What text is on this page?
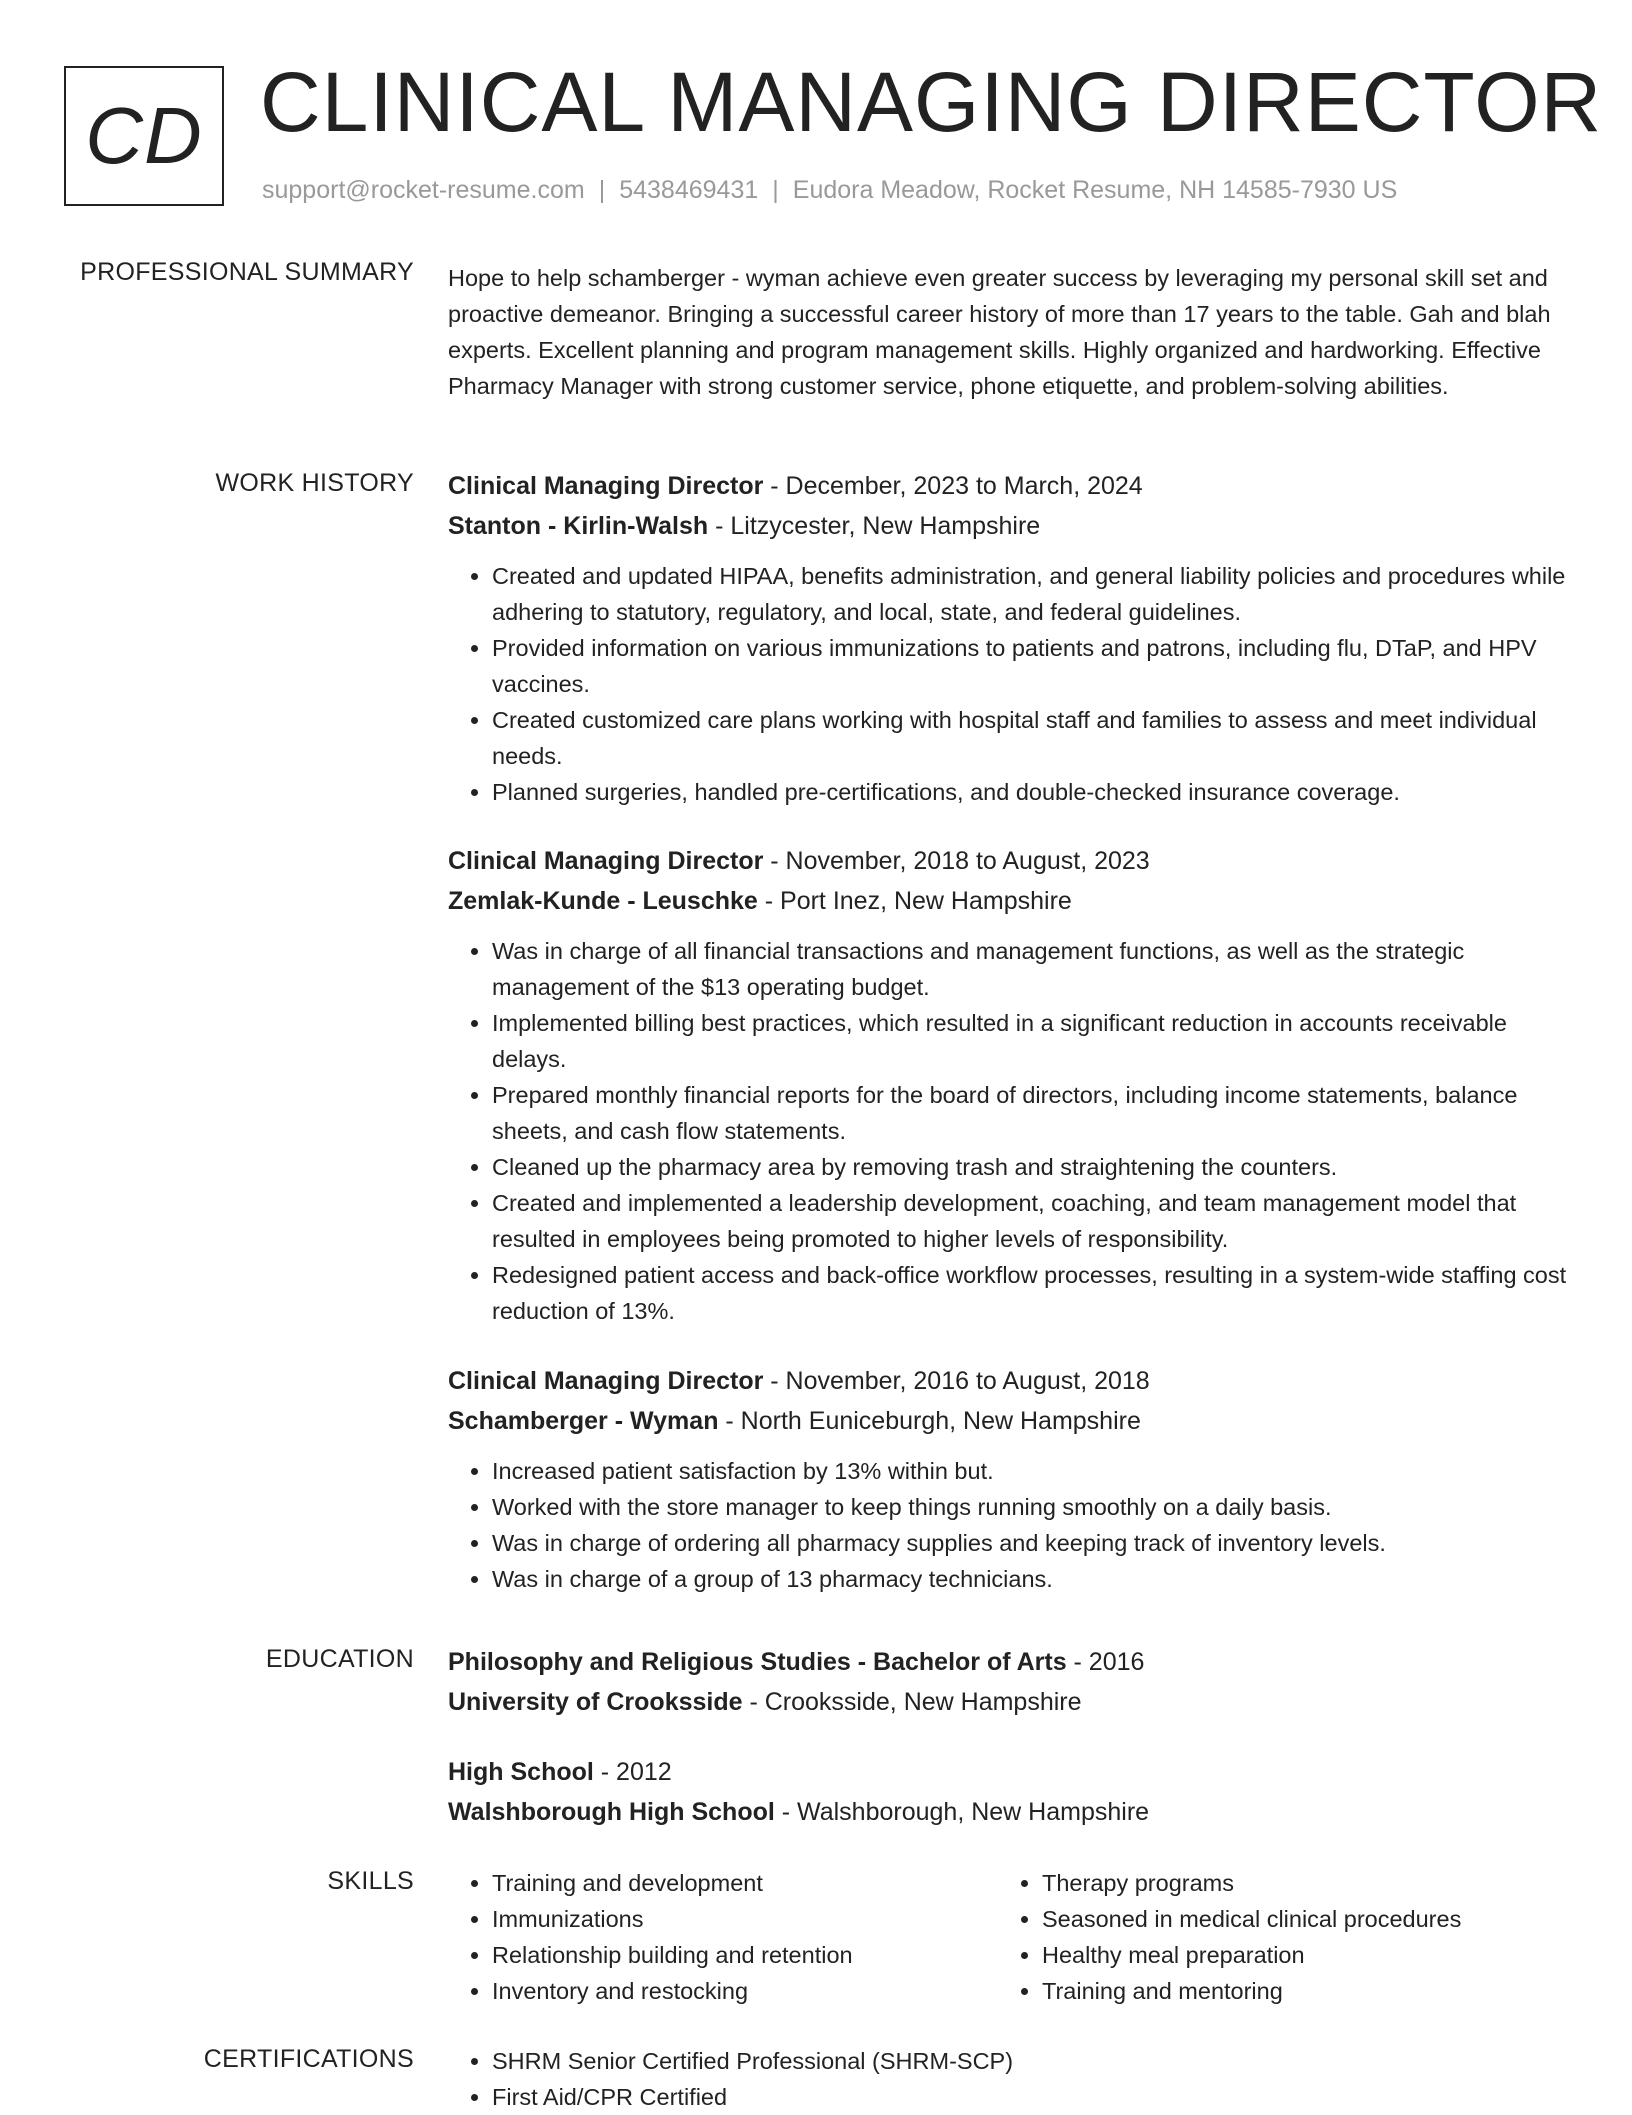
CD CLINICAL MANAGING DIRECTOR
support@rocket-resume.com | 5438469431 | Eudora Meadow, Rocket Resume, NH 14585-7930 US
PROFESSIONAL SUMMARY Hope to help schamberger - wyman achieve even greater success by leveraging my personal skill set and proactive demeanor. Bringing a successful career history of more than 17 years to the table. Gah and blah experts. Excellent planning and program management skills. Highly organized and hardworking. Effective Pharmacy Manager with strong customer service, phone etiquette, and problem-solving abilities.
WORK HISTORY Clinical Managing Director - December, 2023 to March, 2024
Stanton - Kirlin-Walsh - Litzycester, New Hampshire
• Created and updated HIPAA, benefits administration, and general liability policies and procedures while adhering to statutory, regulatory, and local, state, and federal guidelines.
• Provided information on various immunizations to patients and patrons, including flu, DTaP, and HPV vaccines.
• Created customized care plans working with hospital staff and families to assess and meet individual needs.
• Planned surgeries, handled pre-certifications, and double-checked insurance coverage.
Clinical Managing Director - November, 2018 to August, 2023
Zemlak-Kunde - Leuschke - Port Inez, New Hampshire
• Was in charge of all financial transactions and management functions, as well as the strategic management of the $13 operating budget.
• Implemented billing best practices, which resulted in a significant reduction in accounts receivable delays.
• Prepared monthly financial reports for the board of directors, including income statements, balance sheets, and cash flow statements.
• Cleaned up the pharmacy area by removing trash and straightening the counters.
• Created and implemented a leadership development, coaching, and team management model that resulted in employees being promoted to higher levels of responsibility.
• Redesigned patient access and back-office workflow processes, resulting in a system-wide staffing cost reduction of 13%.
Clinical Managing Director - November, 2016 to August, 2018
Schamberger - Wyman - North Euniceburgh, New Hampshire
• Increased patient satisfaction by 13% within but.
• Worked with the store manager to keep things running smoothly on a daily basis.
• Was in charge of ordering all pharmacy supplies and keeping track of inventory levels.
• Was in charge of a group of 13 pharmacy technicians.
EDUCATION Philosophy and Religious Studies - Bachelor of Arts - 2016
University of Crooksside - Crooksside, New Hampshire
High School - 2012
Walshborough High School - Walshborough, New Hampshire
SKILLS	• Training and development
• Immunizations
• Relationship building and retention
• Inventory and restocking
• Therapy programs
• Seasoned in medical clinical procedures
• Healthy meal preparation
• Training and mentoring
CERTIFICATIONS	• SHRM Senior Certified Professional (SHRM-SCP)
• First Aid/CPR Certified
